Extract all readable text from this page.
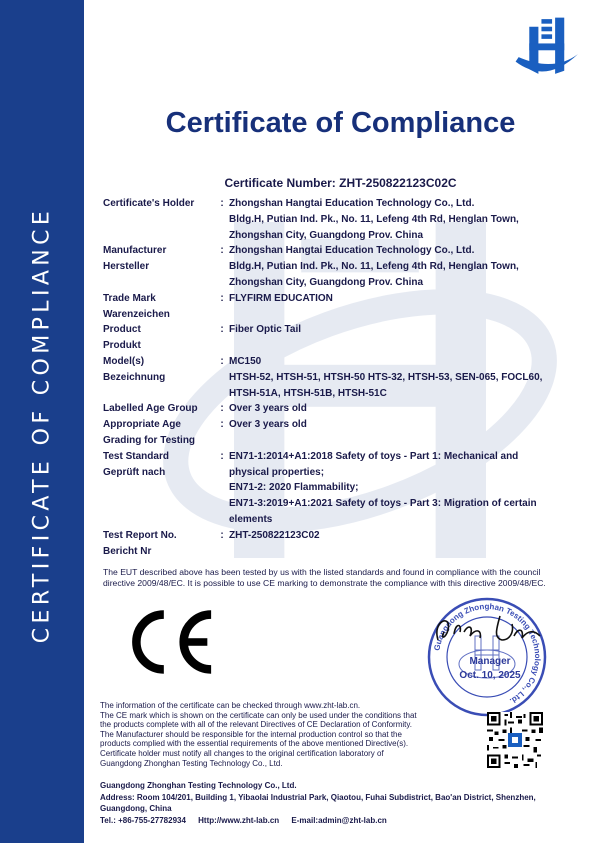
CERTIFICATE OF COMPLIANCE
Certificate of Compliance
Certificate Number: ZHT-250822123C02C
Certificate's Holder	: Zhongshan Hangtai Education Technology Co., Ltd.
Bldg.H, Putian Ind. Pk., No. 11, Lefeng 4th Rd, Henglan Town,
Zhongshan City, Guangdong Prov. China
Manufacturer
Hersteller
: Zhongshan Hangtai Education Technology Co., Ltd.
Bldg.H, Putian Ind. Pk., No. 11, Lefeng 4th Rd, Henglan Town,
Zhongshan City, Guangdong Prov. China
Trade Mark
Warenzeichen
: FLYFIRM EDUCATION
Product
Produkt
: Fiber Optic Tail
Model(s)
Bezeichnung
: MC150
HTSH-52, HTSH-51, HTSH-50 HTS-32, HTSH-53, SEN-065, FOCL60,
HTSH-51A, HTSH-51B, HTSH-51C
Labelled Age Group	: Over 3 years old
Appropriate Age
Grading for Testing
: Over 3 years old
Test Standard
Geprüft nach
: EN71-1:2014+A1:2018 Safety of toys - Part 1: Mechanical and
physical properties;
EN71-2: 2020 Flammability;
EN71-3:2019+A1:2021 Safety of toys - Part 3: Migration of certain
elements
Test Report No.
Bericht Nr
: ZHT-250822123C02
The EUT described above has been tested by us with the listed standards and found in compliance with the council directive 2009/48/EC. It is possible to use CE marking to demonstrate the compliance with this directive 2009/48/EC.
Guangdong Zhonghan Testing Technology Co., Ltd.
Manager
Oct. 10, 2025
The information of the certificate can be checked through www.zht-lab.cn.
The CE mark which is shown on the certificate can only be used under the conditions that
the products complete with all of the relevant Directives of CE Declaration of Conformity.
The Manufacturer should be responsible for the internal production control so that the
products complied with the essential requirements of the above mentioned Directive(s).
Certificate holder must notify all changes to the original certification laboratory of
Guangdong Zhonghan Testing Technology Co., Ltd.
Guangdong Zhonghan Testing Technology Co., Ltd.
Address: Room 104/201, Building 1, Yibaolai Industrial Park, Qiaotou, Fuhai Subdistrict, Bao'an District, Shenzhen,
Guangdong, China
Tel.: +86-755-27782934 Http://www.zht-lab.cn E-mail:admin@zht-lab.cn
